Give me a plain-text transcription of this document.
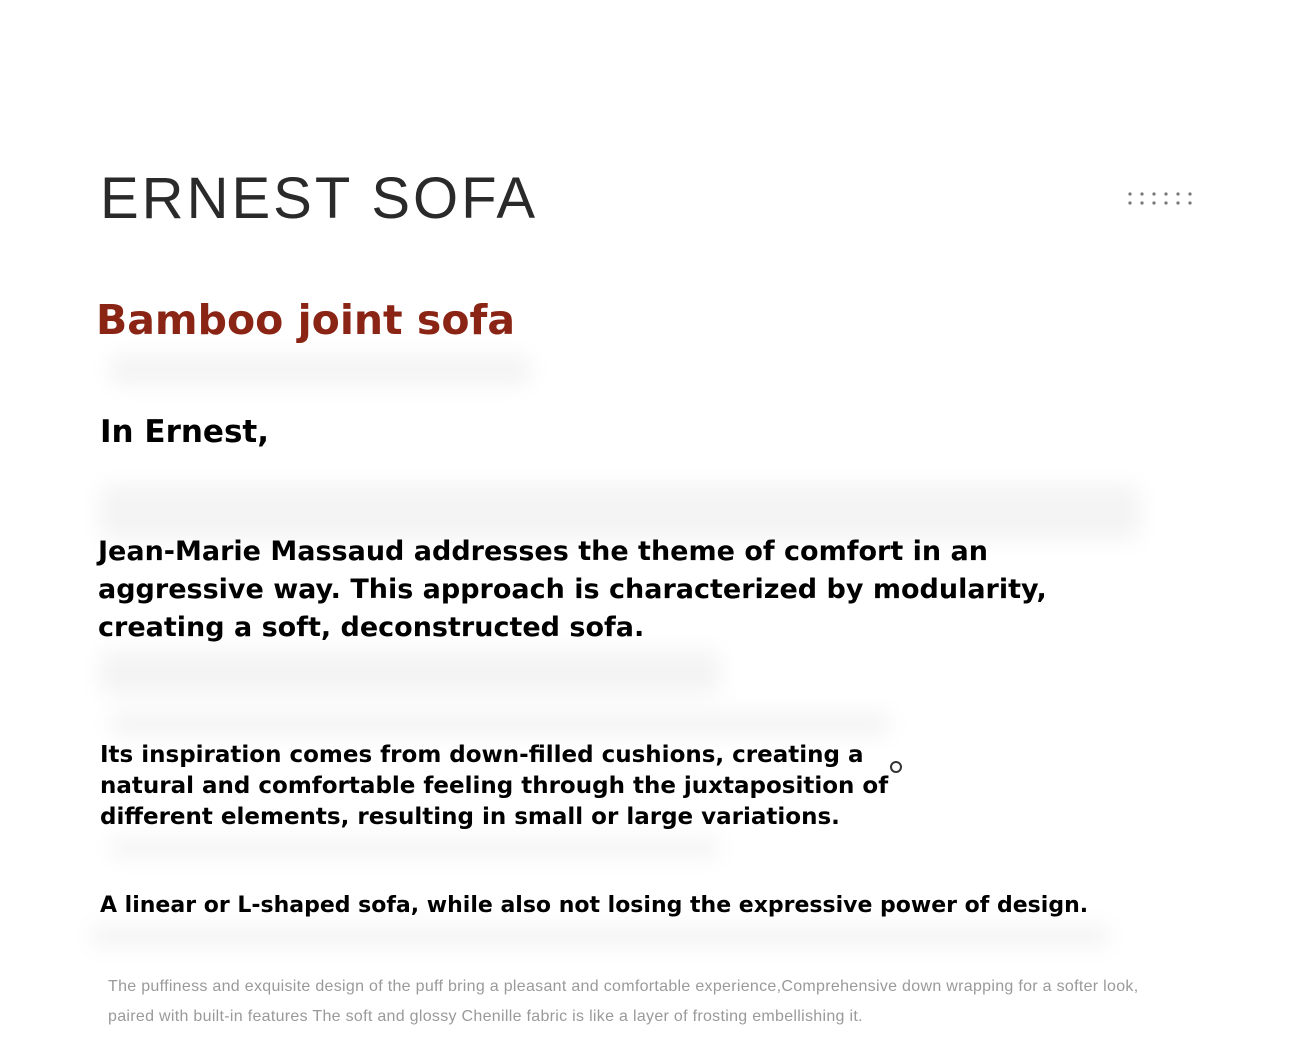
ERNEST SOFA
Bamboo joint sofa
In Ernest,
Jean-Marie Massaud addresses the theme of comfort in an aggressive way. This approach is characterized by modularity, creating a soft, deconstructed sofa.
Its inspiration comes from down-filled cushions, creating a natural and comfortable feeling through the juxtaposition of different elements, resulting in small or large variations.
A linear or L-shaped sofa, while also not losing the expressive power of design.
The puffiness and exquisite design of the puff bring a pleasant and comfortable experience,Comprehensive down wrapping for a softer look, paired with built-in features The soft and glossy Chenille fabric is like a layer of frosting embellishing it.
